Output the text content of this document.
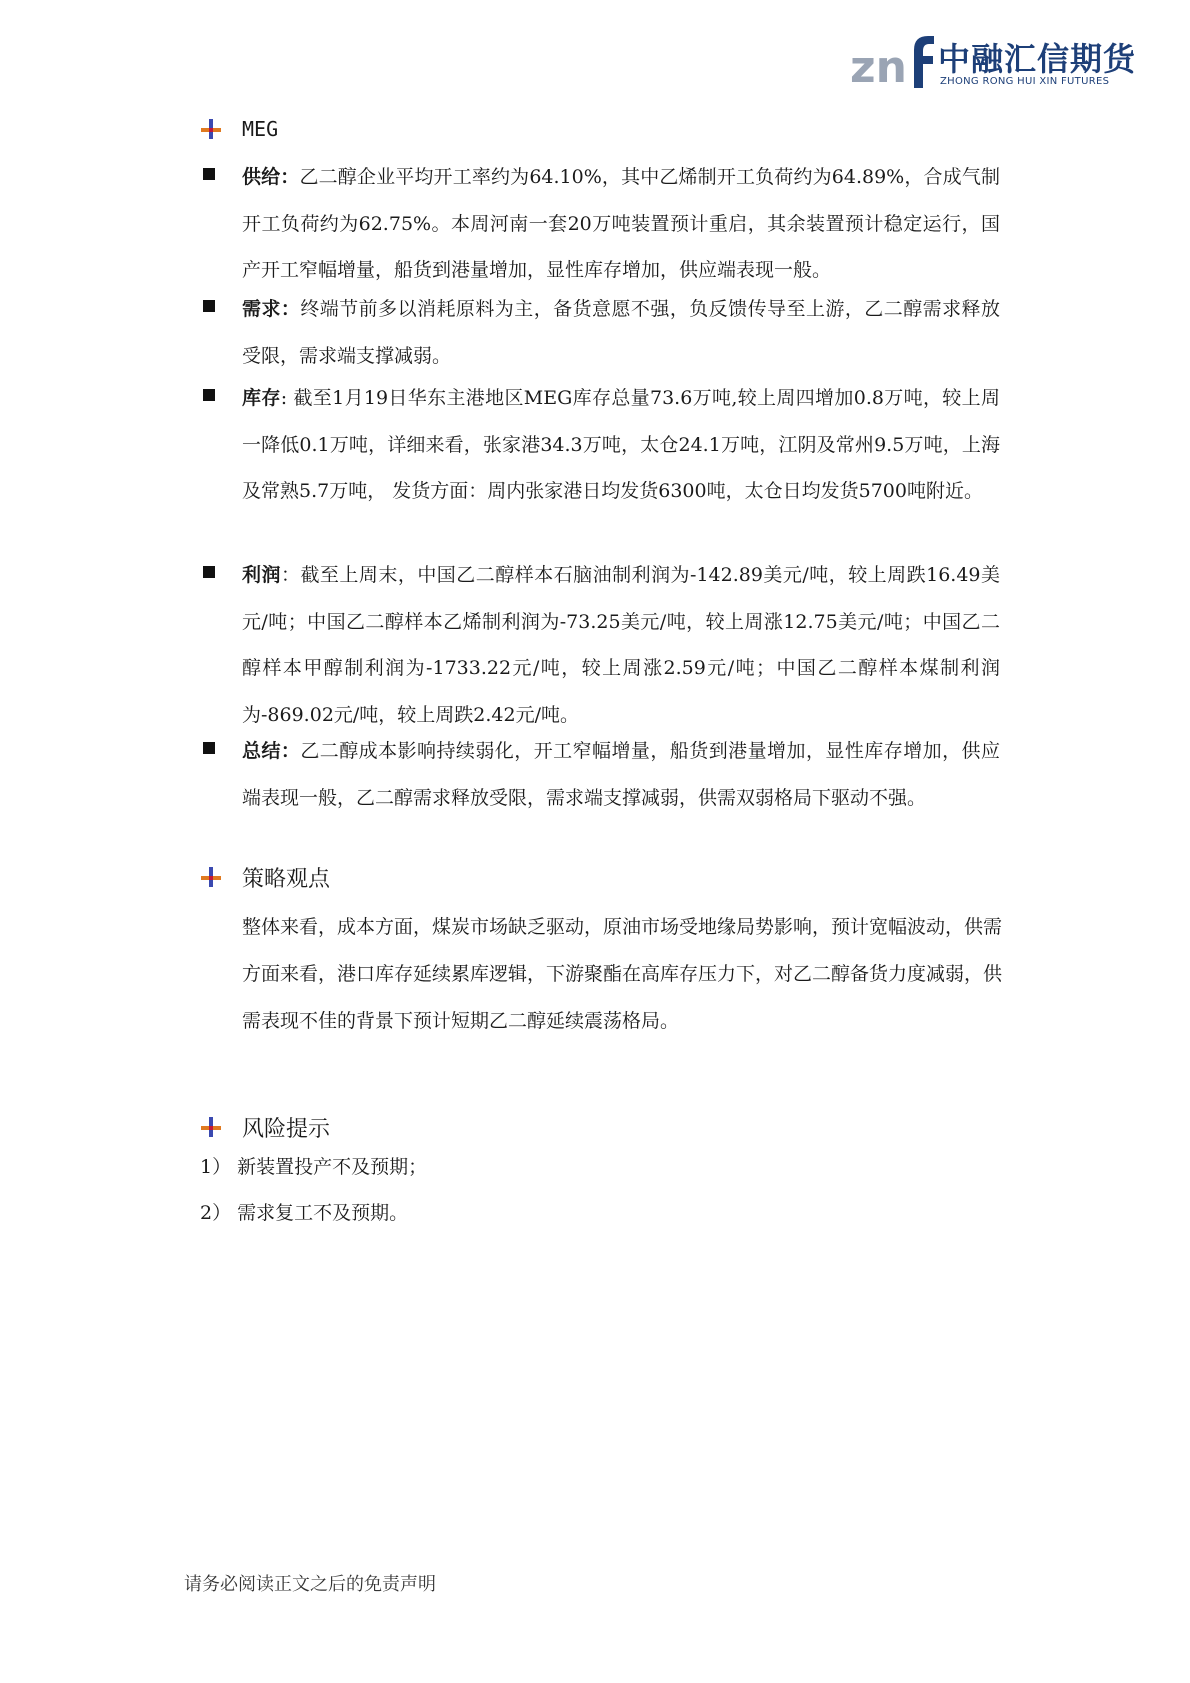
zn 中融汇信期货
ZHONG RONG HUI XIN FUTURES
MEG
供给：乙二醇企业平均开工率约为64.10%，其中乙烯制开工负荷约为64.89%，合成气制开工负荷约为62.75%。本周河南一套20万吨装置预计重启，其余装置预计稳定运行，国产开工窄幅增量，船货到港量增加，显性库存增加，供应端表现一般。
需求：终端节前多以消耗原料为主，备货意愿不强，负反馈传导至上游，乙二醇需求释放受限，需求端支撑减弱。
库存: 截至1月19日华东主港地区MEG库存总量73.6万吨,较上周四增加0.8万吨，较上周一降低0.1万吨，详细来看，张家港34.3万吨，太仓24.1万吨，江阴及常州9.5万吨，上海及常熟5.7万吨， 发货方面：周内张家港日均发货6300吨，太仓日均发货5700吨附近。
利润：截至上周末，中国乙二醇样本石脑油制利润为-142.89美元/吨，较上周跌16.49美元/吨；中国乙二醇样本乙烯制利润为-73.25美元/吨，较上周涨12.75美元/吨；中国乙二醇样本甲醇制利润为-1733.22元/吨，较上周涨2.59元/吨；中国乙二醇样本煤制利润为-869.02元/吨，较上周跌2.42元/吨。
总结：乙二醇成本影响持续弱化，开工窄幅增量，船货到港量增加，显性库存增加，供应端表现一般，乙二醇需求释放受限，需求端支撑减弱，供需双弱格局下驱动不强。
策略观点
整体来看，成本方面，煤炭市场缺乏驱动，原油市场受地缘局势影响，预计宽幅波动，供需方面来看，港口库存延续累库逻辑，下游聚酯在高库存压力下，对乙二醇备货力度减弱，供需表现不佳的背景下预计短期乙二醇延续震荡格局。
风险提示
1） 新装置投产不及预期；
2） 需求复工不及预期。
请务必阅读正文之后的免责声明
